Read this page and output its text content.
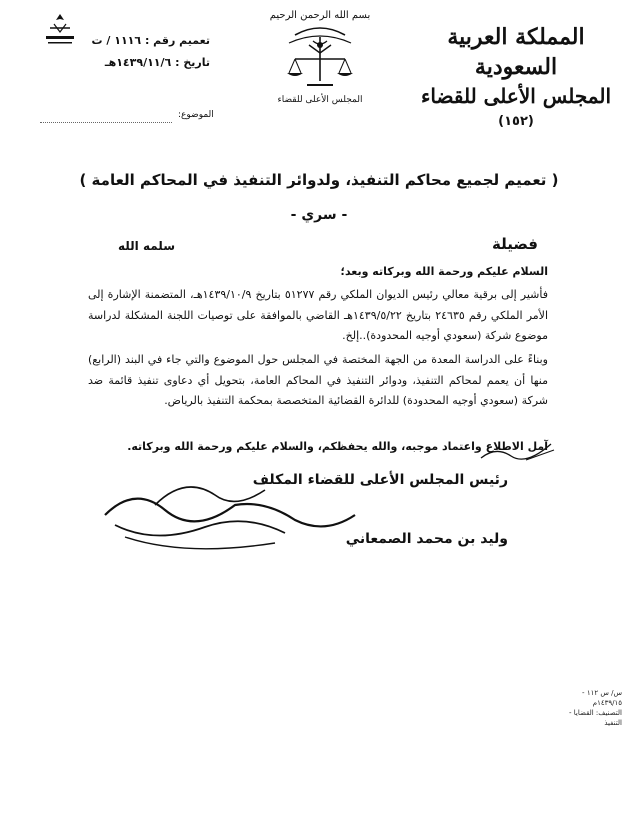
المملكة العربية السعودية
المجلس الأعلى للقضاء
(١٥٢)
بسم الله الرحمن الرحيم
المجلس الأعلى للقضاء
تعميم رقم : ١١١٦ / ت
تاريخ : ١٤٣٩/١١/٦هـ
الموضوع:
( تعميم لجميع محاكم التنفيذ، ولدوائر التنفيذ في المحاكم العامة )
- سري -
فضيلة
سلمه الله
السلام عليكم ورحمة الله وبركاته وبعد؛
فأشير إلى برقية معالي رئيس الديوان الملكي رقم ٥١٢٧٧ بتاريخ ١٤٣٩/١٠/٩هـ، المتضمنة الإشارة إلى الأمر الملكي رقم ٢٤٦٣٥ بتاريخ ١٤٣٩/٥/٢٢هـ القاضي بالموافقة على توصيات اللجنة المشكلة لدراسة موضوع شركة (سعودي أوجيه المحدودة)..إلخ.
وبناءً على الدراسة المعدة من الجهة المختصة في المجلس حول الموضوع والتي جاء في البند (الرابع) منها أن يعمم لمحاكم التنفيذ، ودوائر التنفيذ في المحاكم العامة، بتحويل أي دعاوى تنفيذ قائمة ضد شركة (سعودي أوجيه المحدودة) للدائرة القضائية المتخصصة بمحكمة التنفيذ بالرياض.
آمل الاطلاع واعتماد موجبه، والله يحفظكم، والسلام عليكم ورحمة الله وبركاته.
رئيس المجلس الأعلى للقضاء المكلف
وليد بن محمد الصمعاني
س/ س ١١٢ - ١٤٣٩/١٥م
التصنيف: القضايا - التنفيذ
